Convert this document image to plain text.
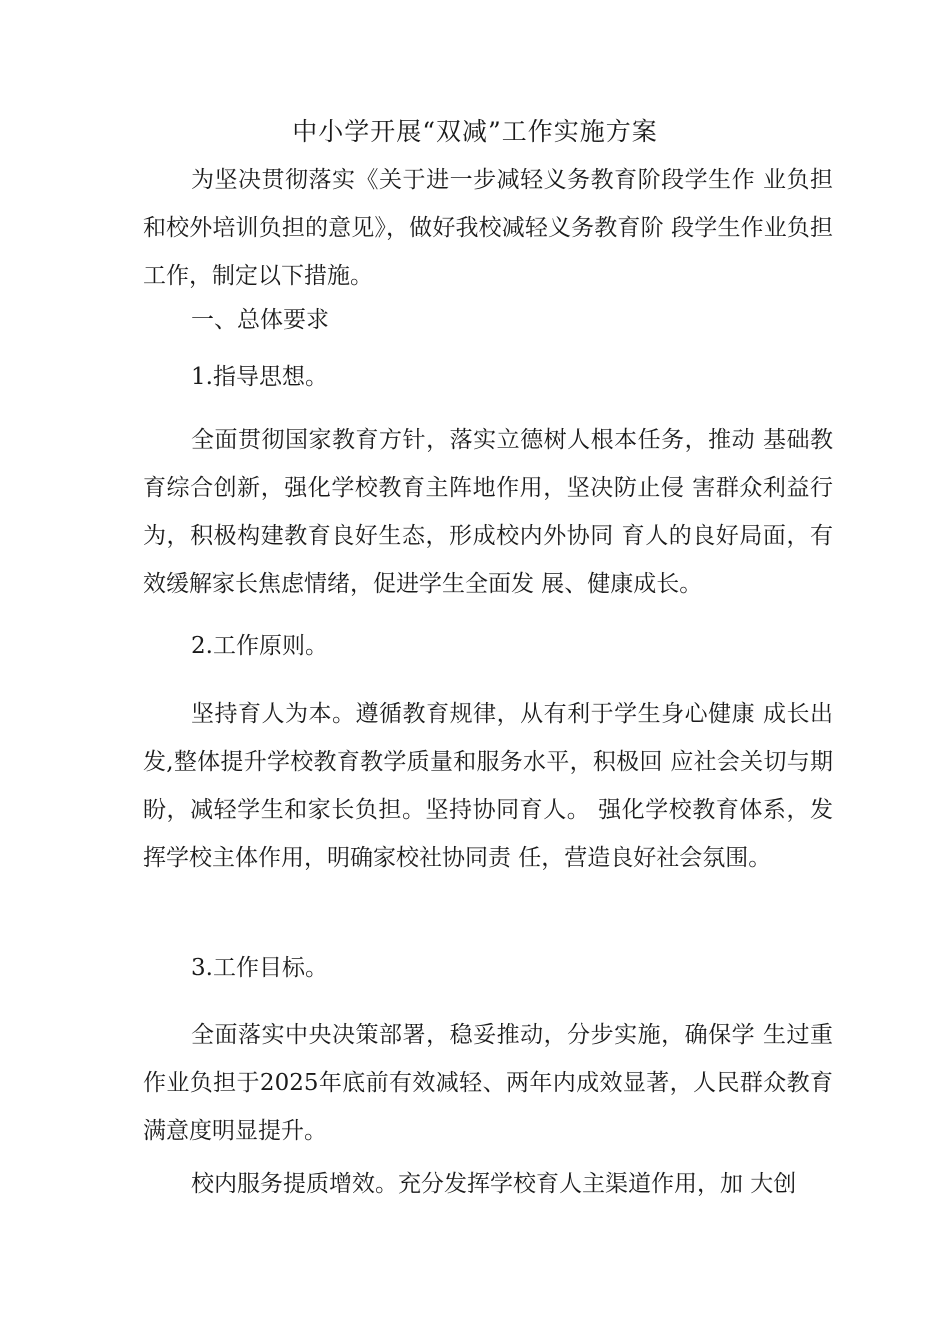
中小学开展“双减”工作实施方案

为坚决贯彻落实《关于进一步减轻义务教育阶段学生作 业负担和校外培训负担的意见》，做好我校减轻义务教育阶 段学生作业负担工作，制定以下措施。

一、总体要求

1.指导思想。

全面贯彻国家教育方针，落实立德树人根本任务，推动 基础教育综合创新，强化学校教育主阵地作用，坚决防止侵 害群众利益行为，积极构建教育良好生态，形成校内外协同 育人的良好局面，有效缓解家长焦虑情绪，促进学生全面发 展、健康成长。

2.工作原则。

坚持育人为本。遵循教育规律，从有利于学生身心健康 成长出发,整体提升学校教育教学质量和服务水平，积极回 应社会关切与期盼，减轻学生和家长负担。坚持协同育人。 强化学校教育体系，发挥学校主体作用，明确家校社协同责 任，营造良好社会氛围。

3.工作目标。

全面落实中央决策部署，稳妥推动，分步实施，确保学 生过重作业负担于2025年底前有效减轻、两年内成效显著，人民群众教育满意度明显提升。

校内服务提质增效。充分发挥学校育人主渠道作用，加 大创
